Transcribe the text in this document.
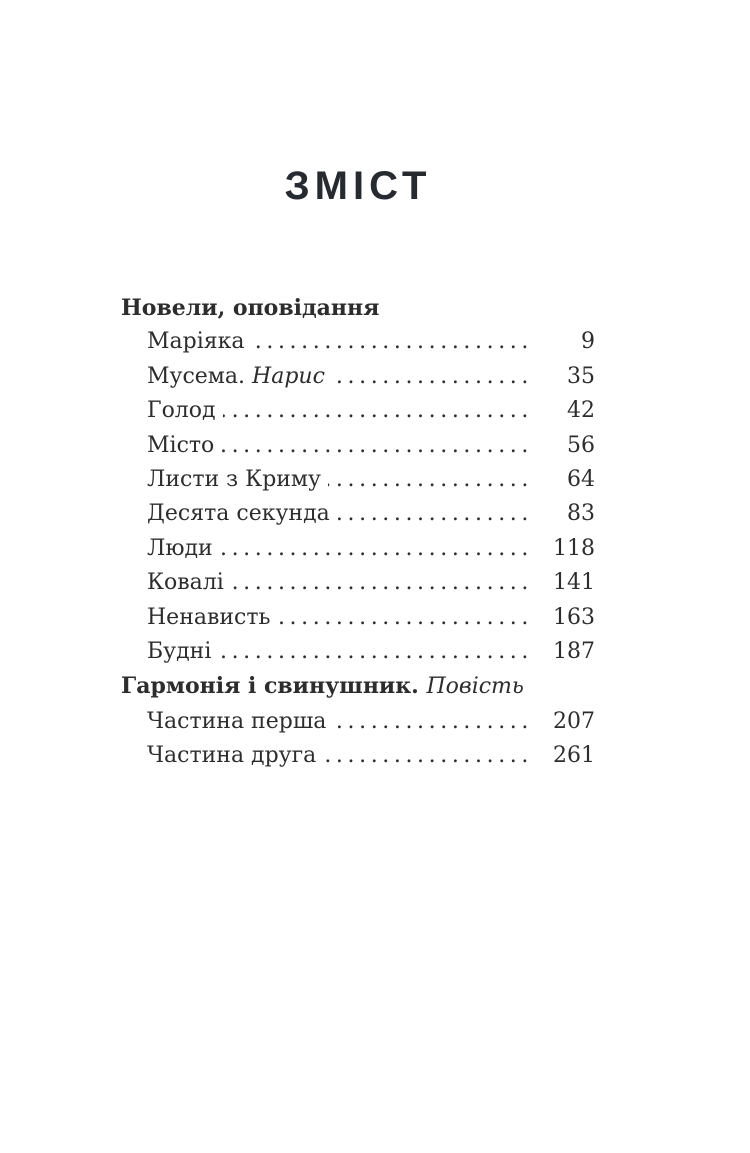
ЗМІСТ
Новели, оповідання
Маріяка .....	9
Мусема. Нарис .....	35
Голод .....	42
Місто .....	56
Листи з Криму .....	64
Десята секунда .....	83
Люди .....	118
Ковалі .....	141
Ненависть .....	163
Будні .....	187
Гармонія і свинушник. Повість
Частина перша .....	207
Частина друга .....	261
